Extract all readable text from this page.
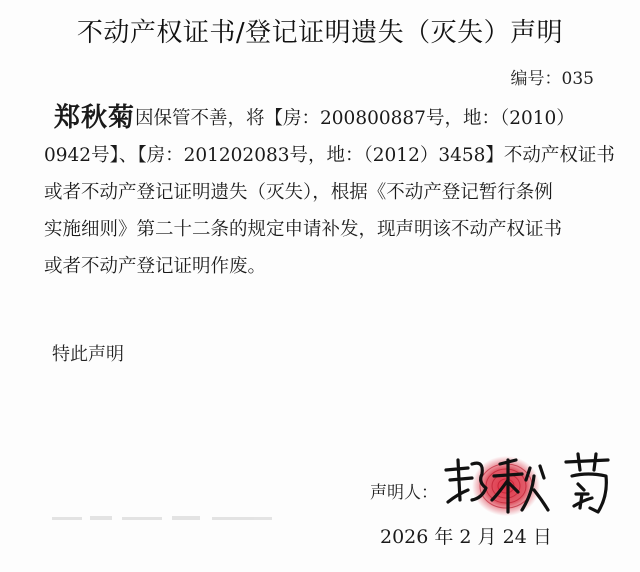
不动产权证书/登记证明遗失（灭失）声明
编号：035
郑秋菊因保管不善，将【房：200800887号，地：（2010）
0942号】、【房：201202083号，地：（2012）3458】不动产权证书
或者不动产登记证明遗失（灭失），根据《不动产登记暂行条例
实施细则》第二十二条的规定申请补发，现声明该不动产权证书
或者不动产登记证明作废。
特此声明
声明人：
2026 年 2 月 24 日
